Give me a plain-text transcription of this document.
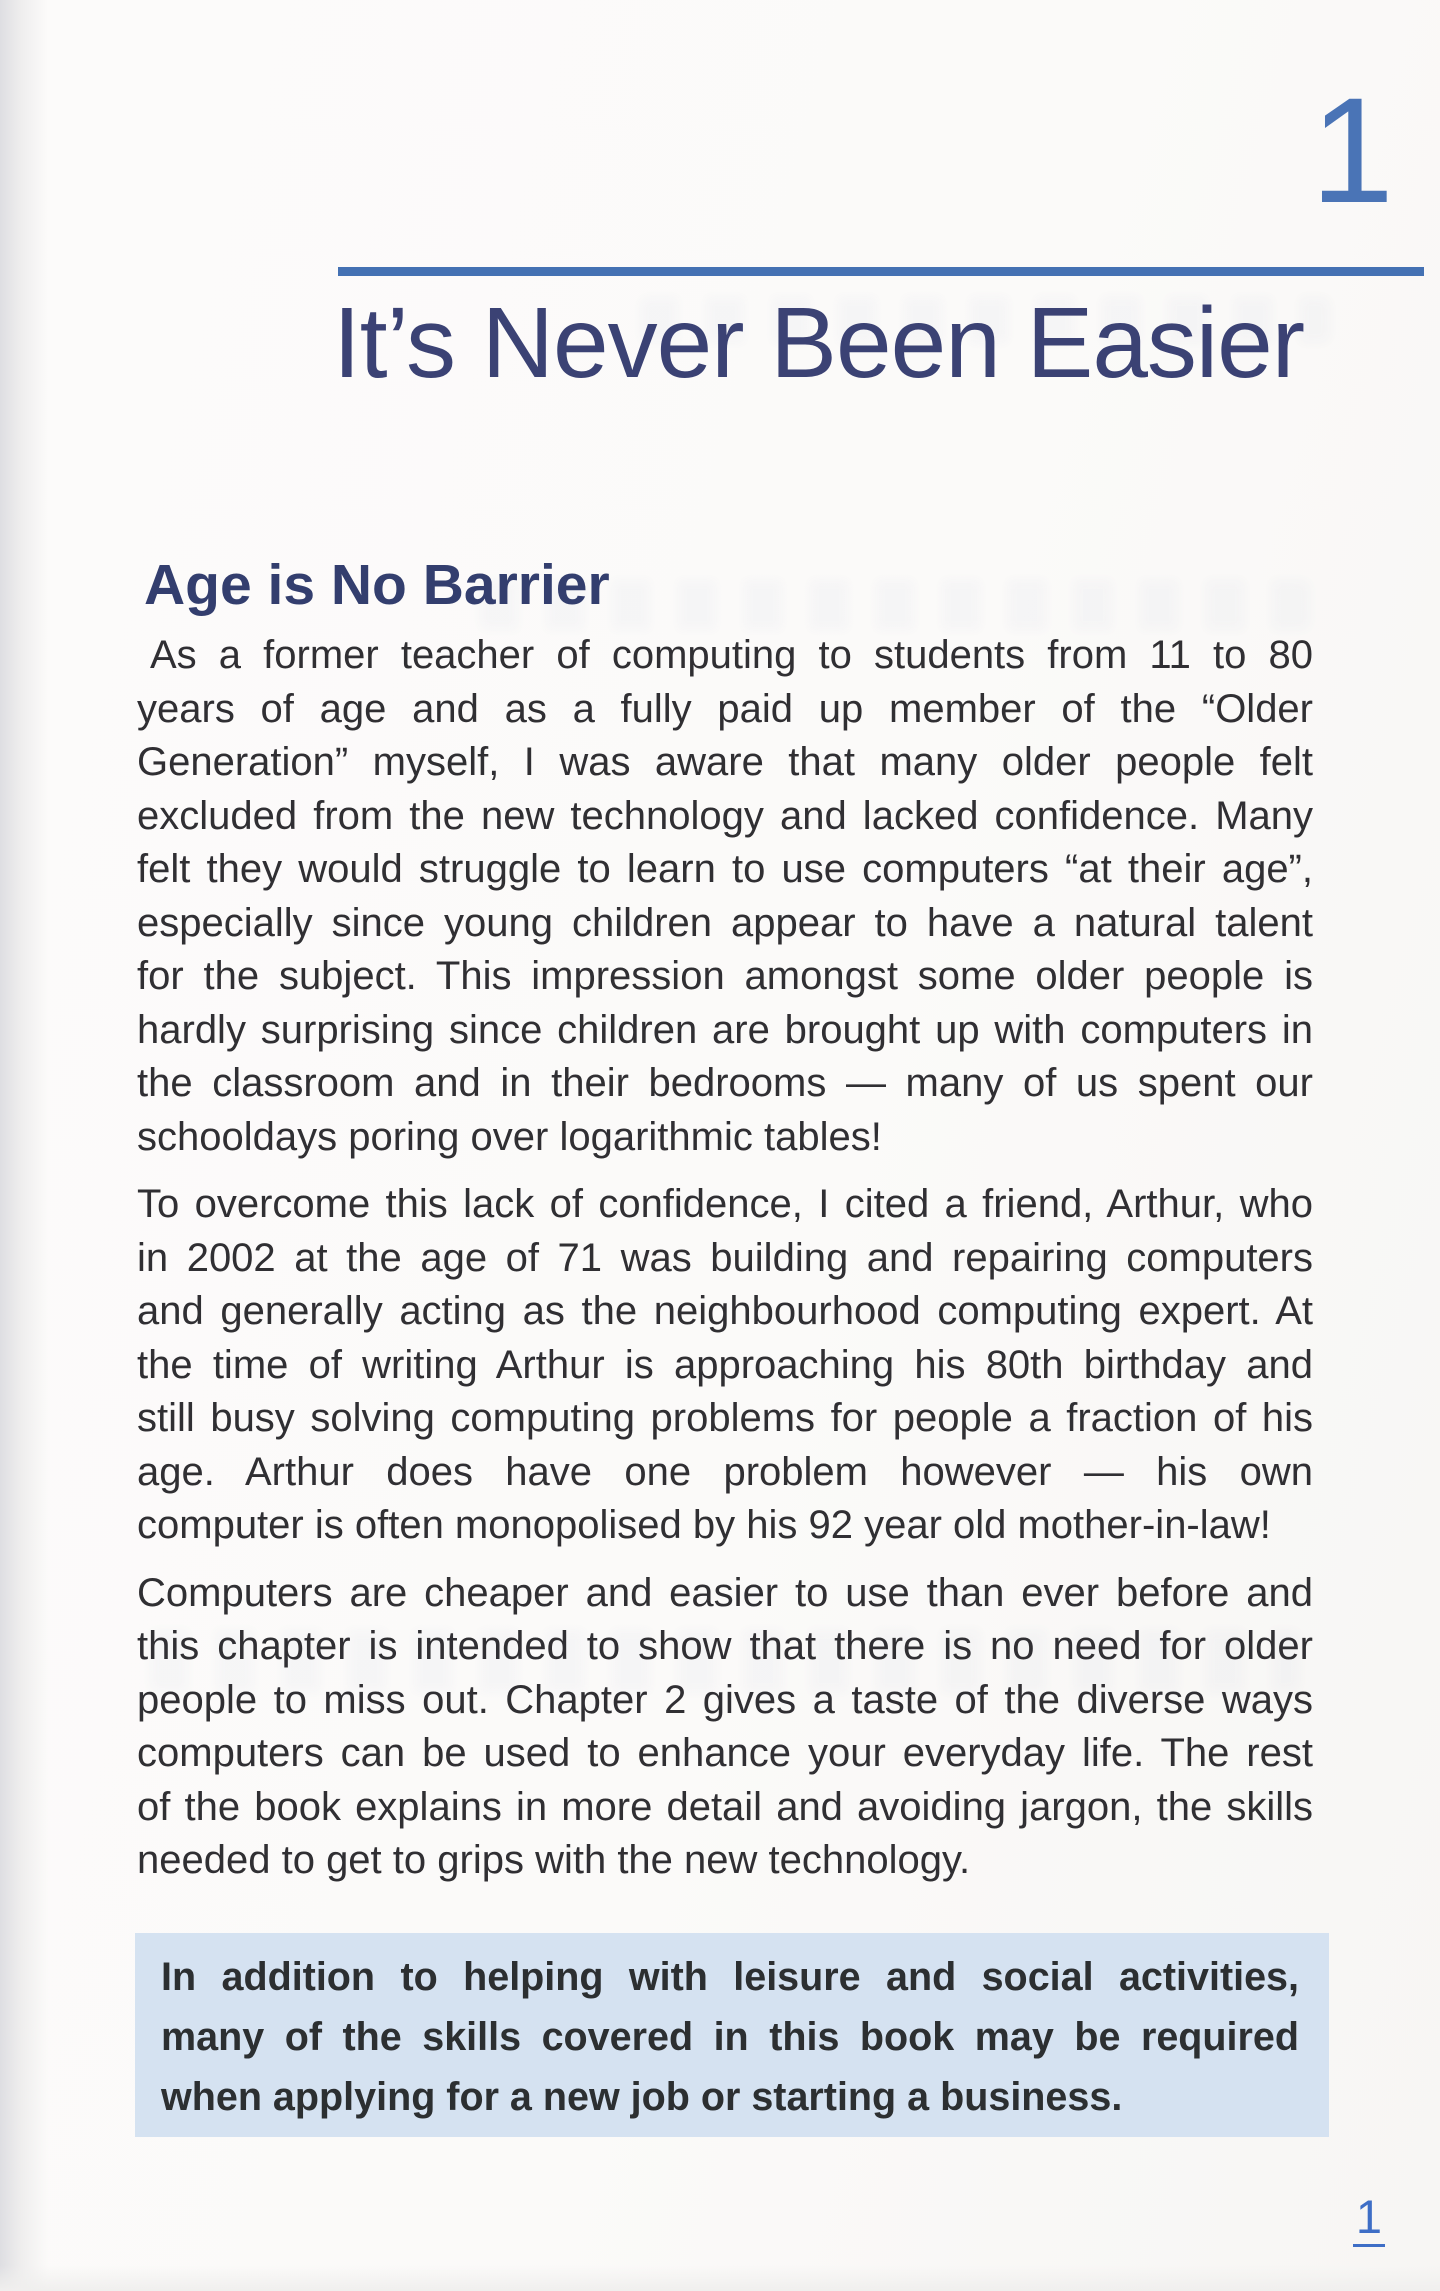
1
It’s Never Been Easier
Age is No Barrier
As a former teacher of computing to students from 11 to 80
years of age and as a fully paid up member of the “Older
Generation” myself, I was aware that many older people felt
excluded from the new technology and lacked confidence. Many
felt they would struggle to learn to use computers “at their age”,
especially since young children appear to have a natural talent
for the subject. This impression amongst some older people is
hardly surprising since children are brought up with computers in
the classroom and in their bedrooms — many of us spent our
schooldays poring over logarithmic tables!
To overcome this lack of confidence, I cited a friend, Arthur, who
in 2002 at the age of 71 was building and repairing computers
and generally acting as the neighbourhood computing expert. At
the time of writing Arthur is approaching his 80th birthday and
still busy solving computing problems for people a fraction of his
age. Arthur does have one problem however — his own
computer is often monopolised by his 92 year old mother-in-law!
Computers are cheaper and easier to use than ever before and
this chapter is intended to show that there is no need for older
people to miss out. Chapter 2 gives a taste of the diverse ways
computers can be used to enhance your everyday life. The rest
of the book explains in more detail and avoiding jargon, the skills
needed to get to grips with the new technology.
In addition to helping with leisure and social activities,
many of the skills covered in this book may be required
when applying for a new job or starting a business.
1
